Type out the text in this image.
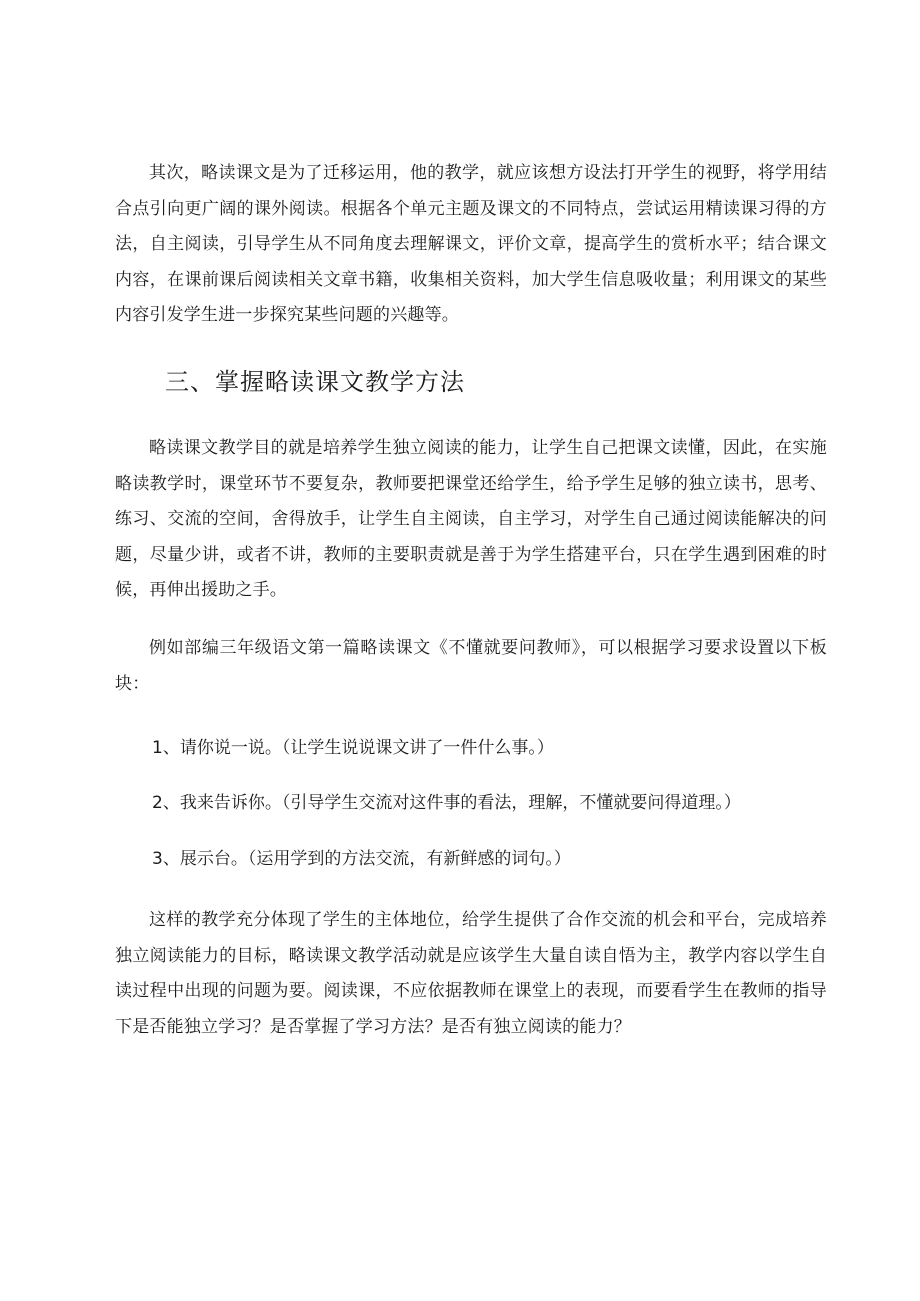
其次，略读课文是为了迁移运用，他的教学，就应该想方设法打开学生的视野，将学用结合点引向更广阔的课外阅读。根据各个单元主题及课文的不同特点，尝试运用精读课习得的方法，自主阅读，引导学生从不同角度去理解课文，评价文章，提高学生的赏析水平；结合课文内容，在课前课后阅读相关文章书籍，收集相关资料，加大学生信息吸收量；利用课文的某些内容引发学生进一步探究某些问题的兴趣等。

三、掌握略读课文教学方法

略读课文教学目的就是培养学生独立阅读的能力，让学生自己把课文读懂，因此，在实施略读教学时，课堂环节不要复杂，教师要把课堂还给学生，给予学生足够的独立读书，思考、练习、交流的空间，舍得放手，让学生自主阅读，自主学习，对学生自己通过阅读能解决的问题，尽量少讲，或者不讲，教师的主要职责就是善于为学生搭建平台，只在学生遇到困难的时候，再伸出援助之手。

例如部编三年级语文第一篇略读课文《不懂就要问教师》，可以根据学习要求设置以下板块：

1、请你说一说。（让学生说说课文讲了一件什么事。）

2、我来告诉你。（引导学生交流对这件事的看法，理解，不懂就要问得道理。）

3、展示台。（运用学到的方法交流，有新鲜感的词句。）

这样的教学充分体现了学生的主体地位，给学生提供了合作交流的机会和平台，完成培养独立阅读能力的目标，略读课文教学活动就是应该学生大量自读自悟为主，教学内容以学生自读过程中出现的问题为要。阅读课，不应依据教师在课堂上的表现，而要看学生在教师的指导下是否能独立学习？是否掌握了学习方法？是否有独立阅读的能力？
